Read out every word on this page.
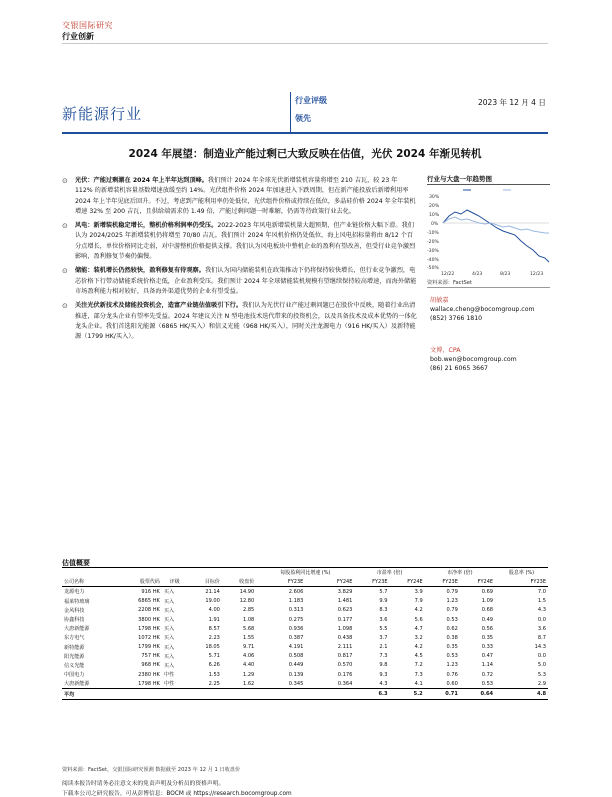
交银国际研究
行业创新
新能源行业
行业评级
领先
2023 年 12 月 4 日
2024 年展望：制造业产能过剩已大致反映在估值，光伏 2024 年渐见转机
⊙ 光伏：产能过剩潮在 2024 年上半年达到顶峰。我们预计 2024 年全球光伏新增装机容量将增至 210 吉瓦，较 23 年 112% 的新增装机容量基数增速放缓至约 14%。光伏组件价格 2024 年加速进入下跌周期，但在新产能投放后新增利用率 2024 年上半年见底后回升。不过，考虑到产能利用率仍处低位，光伏组件价格或持续在低位，多晶硅价格 2024 年全年装机增速 32% 至 200 吉瓦，且供给端需求仍 1.49 倍，产能过剩问题一时难解，仍需等待政策行业去化。
⊙ 风电：新增装机稳定增长，整机价格利润率仍受压。2022-2023 年风电新增装机量大超预期，但产业链价格大幅下滑。我们认为 2024/2025 年新增装机仍将增至 70/80 吉瓦。我们预计 2024 年风机价格仍处低位，海上风电招标量将由 8/12 个百分点增长，单位价格同比走弱，对中游整机价格提供支撑。我们认为风电板块中整机企业的盈利有望改善，但受行业竞争激烈影响，盈利修复节奏仍偏慢。
⊙ 储能：装机增长仍然较快，盈利修复有待观察。我们认为国内储能装机在政策推动下仍将保持较快增长，但行业竞争激烈，电芯价格下行带动储能系统价格走低，企业盈利受压。我们预计 2024 年全球储能装机规模有望继续保持较高增速，而海外储能市场盈利能力相对较好，具备海外渠道优势的企业有望受益。
⊙ 关注光伏新技术及储能投资机会，造富产业链估值吸引下行。我们认为光伏行业产能过剩问题已在股价中反映，随着行业出清推进，部分龙头企业有望率先受益。2024 年建议关注 N 型电池技术迭代带来的投资机会，以及具备技术及成本优势的一体化龙头企业。我们首选阳光能源（6865 HK/买入）和信义光能（968 HK/买入），同时关注龙源电力（916 HK/买入）及新特能源（1799 HK/买入）。
行业与大盘一年趋势图
30%
20%
10%
0%
-10%
-20%
-30%
-40%
-50%
12/22	4/23	8/23	12/23
资料来源：FactSet
胡敏嘉
wallace.cheng@bocomgroup.com
(852) 3766 1810
文博，CPA
bob.wen@bocomgroup.com
(86) 21 6065 3667
估值概要
					每股盈利同比增速 (%)		市盈率 (倍)		市净率 (倍)		股息率 (%)
公司名称	股票代码	评级	目标价	收盘价	FY23E	FY24E	FY23E	FY24E	FY23E	FY24E	FY23E
龙源电力	916 HK	买入	21.14	14.90	2.606	3.829	5.7	3.9	0.79	0.69	7.0
福莱特玻璃	6865 HK	买入	19.00	12.80	1.183	1.481	9.9	7.9	1.23	1.09	1.5
金风科技	2208 HK	买入	4.00	2.85	0.313	0.623	8.3	4.2	0.79	0.68	4.3
协鑫科技	3800 HK	买入	1.91	1.08	0.275	0.177	3.6	5.6	0.53	0.49	0.0
大唐新能源	1798 HK	买入	8.57	5.68	0.936	1.098	5.5	4.7	0.62	0.56	3.6
东方电气	1072 HK	买入	2.23	1.55	0.387	0.438	3.7	3.2	0.38	0.35	8.7
新特能源	1799 HK	买入	18.05	9.71	4.191	2.111	2.1	4.2	0.35	0.33	14.3
阳光能源	757 HK	买入	5.71	4.06	0.508	0.817	7.3	4.5	0.53	0.47	0.0
信义光能	968 HK	买入	6.26	4.40	0.449	0.570	9.8	7.2	1.23	1.14	5.0
中国电力	2380 HK	中性	1.53	1.29	0.139	0.176	9.3	7.3	0.76	0.72	5.3
大唐新能源	1798 HK	中性	2.25	1.62	0.345	0.364	4.3	4.1	0.60	0.53	2.9
平均							6.3	5.2	0.71	0.64	4.8
资料来源：FactSet，交银国际研究预测 数据截至 2023 年 12 月 1 日收盘价
阅读本报告时请务必注意文末的免责声明及分析员的资格声明。
下载本公司之研究报告，可从彭博信息：BOCM 或 https://research.bocomgroup.com
